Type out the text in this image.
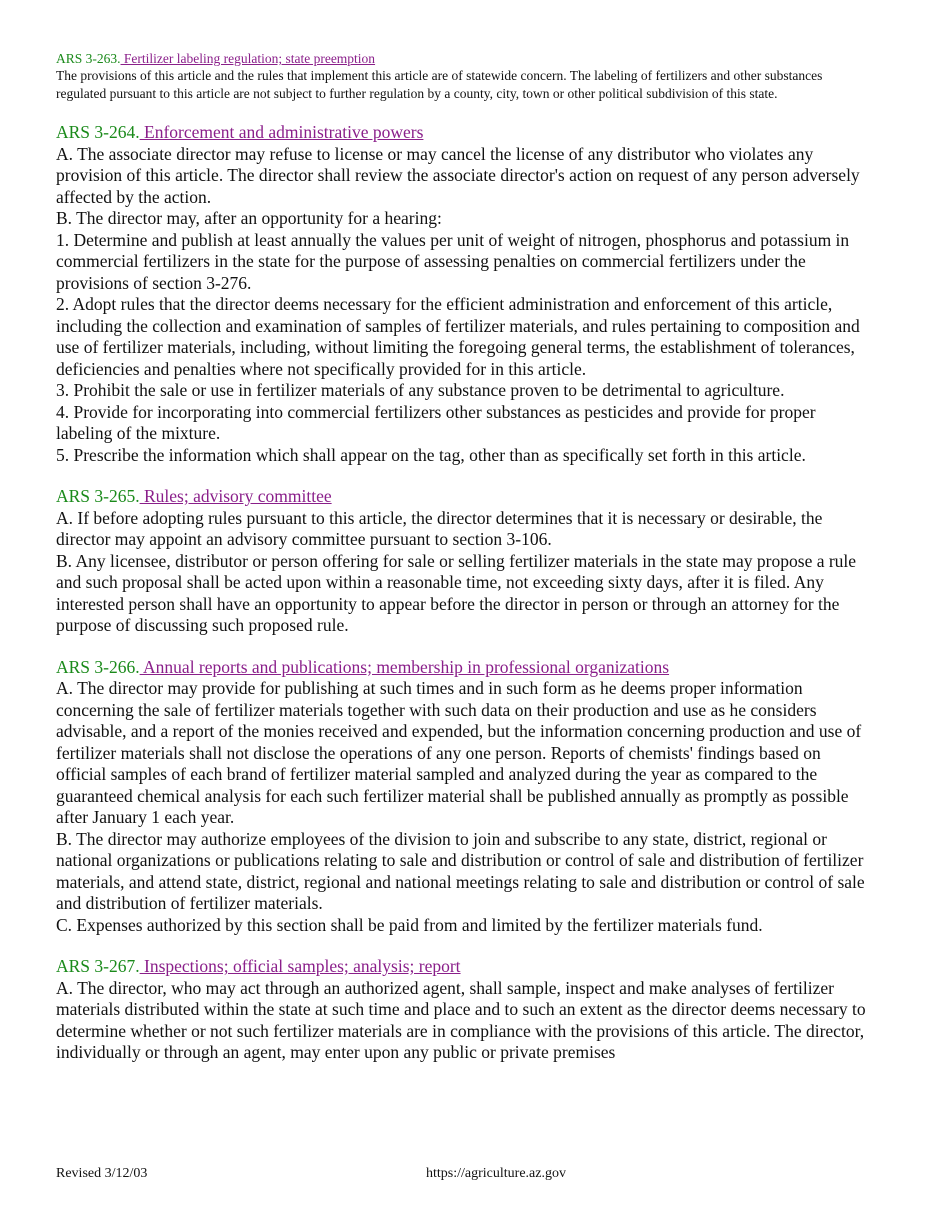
ARS 3-263. Fertilizer labeling regulation; state preemption

The provisions of this article and the rules that implement this article are of statewide concern. The labeling of fertilizers and other substances regulated pursuant to this article are not subject to further regulation by a county, city, town or other political subdivision of this state.

ARS 3-264. Enforcement and administrative powers

A. The associate director may refuse to license or may cancel the license of any distributor who violates any provision of this article. The director shall review the associate director's action on request of any person adversely affected by the action.

B. The director may, after an opportunity for a hearing:

1. Determine and publish at least annually the values per unit of weight of nitrogen, phosphorus and potassium in commercial fertilizers in the state for the purpose of assessing penalties on commercial fertilizers under the provisions of section 3-276.

2. Adopt rules that the director deems necessary for the efficient administration and enforcement of this article, including the collection and examination of samples of fertilizer materials, and rules pertaining to composition and use of fertilizer materials, including, without limiting the foregoing general terms, the establishment of tolerances, deficiencies and penalties where not specifically provided for in this article.

3. Prohibit the sale or use in fertilizer materials of any substance proven to be detrimental to agriculture.

4. Provide for incorporating into commercial fertilizers other substances as pesticides and provide for proper labeling of the mixture.

5. Prescribe the information which shall appear on the tag, other than as specifically set forth in this article.

ARS 3-265. Rules; advisory committee

A. If before adopting rules pursuant to this article, the director determines that it is necessary or desirable, the director may appoint an advisory committee pursuant to section 3-106.

B. Any licensee, distributor or person offering for sale or selling fertilizer materials in the state may propose a rule and such proposal shall be acted upon within a reasonable time, not exceeding sixty days, after it is filed. Any interested person shall have an opportunity to appear before the director in person or through an attorney for the purpose of discussing such proposed rule.

ARS 3-266. Annual reports and publications; membership in professional organizations

A. The director may provide for publishing at such times and in such form as he deems proper information concerning the sale of fertilizer materials together with such data on their production and use as he considers advisable, and a report of the monies received and expended, but the information concerning production and use of fertilizer materials shall not disclose the operations of any one person. Reports of chemists' findings based on official samples of each brand of fertilizer material sampled and analyzed during the year as compared to the guaranteed chemical analysis for each such fertilizer material shall be published annually as promptly as possible after January 1 each year.

B. The director may authorize employees of the division to join and subscribe to any state, district, regional or national organizations or publications relating to sale and distribution or control of sale and distribution of fertilizer materials, and attend state, district, regional and national meetings relating to sale and distribution or control of sale and distribution of fertilizer materials.

C. Expenses authorized by this section shall be paid from and limited by the fertilizer materials fund.

ARS 3-267. Inspections; official samples; analysis; report

A. The director, who may act through an authorized agent, shall sample, inspect and make analyses of fertilizer materials distributed within the state at such time and place and to such an extent as the director deems necessary to determine whether or not such fertilizer materials are in compliance with the provisions of this article. The director, individually or through an agent, may enter upon any public or private premises

Revised 3/12/03	https://agriculture.az.gov
